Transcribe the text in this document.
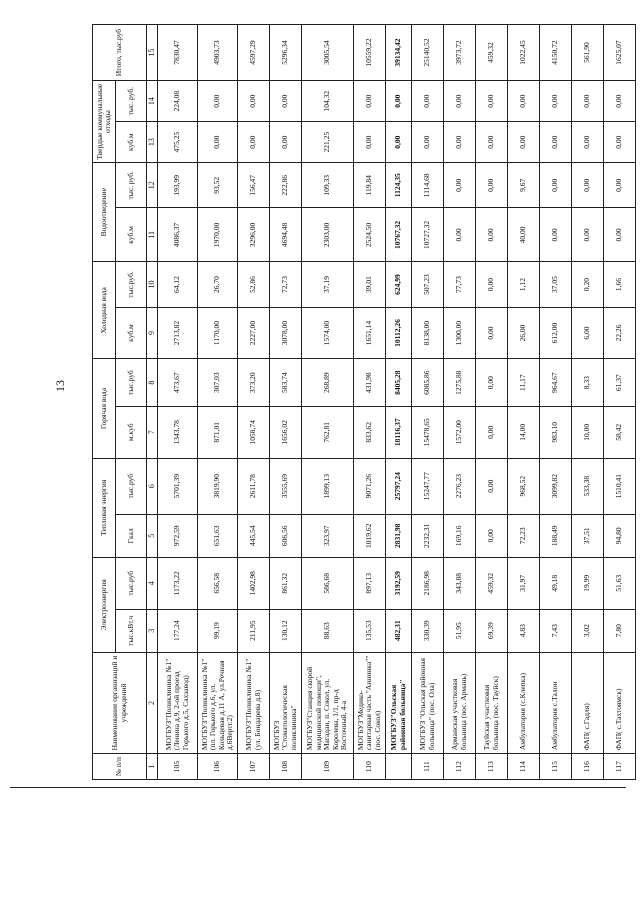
13
№ п/п	Наименование организаций и учреждений	Электроэнергия		Тепловая энергия		Горячая вода		Холодная вода		Водоотведение		Твердые коммунальные отходы		Итого, тыс.руб
		тыс.кВт.ч	тыс.руб	Гкал	тыс.руб	м.куб	тыс.руб	куб.м	тыс.руб.	куб.м	тыс. руб.	куб.м	тыс. руб.	
1	2	3	4	5	6	7	8	9	10	11	12	13	14	15
105	МОГБУЗ"Поликлиника №1" (Ленина д.9, 2-ой проезд Горького д.5, Сахзавод)	177,24	1173,22	972,59	5701,39	1343,78	473,67	2713,82	64,12	4086,37	193,99	475,25	224,08	7830,47
106	МОГБУЗ"Поликлиника №1" (пл. Горького д.6, ул. Кольцевая д.11 А, ул.Речная д.6Вертг.2)	99,19	656,58	651,63	3819,90	871,01	307,03	1170,00	26,70	1970,00	93,52	0,00	0,00	4903,73
107	МОГБУЗ"Поликлиника №1"(ул. Бондарева д.8)	211,95	1402,98	445,54	2611,78	1058,74	373,20	2227,00	52,86	3296,00	156,47	0,00	0,00	4597,29
108	МОГБУЗ "Стоматологическая поликлиника"	130,12	861,32	606,56	3555,69	1656,02	583,74	3078,00	72,73	4694,48	222,86	0,00	0,00	5296,34
109	МОГБУЗ"Станция скорой медицинской помощи", Магадан, п. Сокол, ул. Королева, 1/1, пр-д Восточный, 4-а	88,63	586,68	323,97	1899,13	762,81	268,89	1574,00	37,19	2303,00	109,33	221,25	104,32	3005,54
110	МОГБУЗ"Медико-санитарная часть "Аннинка"" (пос. Сокол)	135,53	897,13	1019,62	9071,26	833,62	431,98	1651,14	39,01	2524,50	119,84	0,00	0,00	10559,22
	МОГБУЗ"Ольская районная больница"	482,31	3192,59	2831,98	25797,24	18116,37	8405,28	10112,26	624,99	10767,32	1124,35	0,00	0,00	39134,42
111	МОГБУЗ "Ольская районная больница" (пос. Ола)	330,39	2186,98	2232,31	15247,77	15478,65	6085,86	8138,00	507,23	10727,32	1114,68	0,00	0,00	25140,52
112	Арманская участковая больница (пос. Армань)	51,95	343,88	169,16	2276,23	1572,00	1275,88	1300,00	77,73	0,00	0,00	0,00	0,00	3973,72
113	Тауйская участковая больница (пос. Тауйск)	69,39	459,32	0,00	0,00	0,00	0,00	0,00	0,00	0,00	0,00	0,00	0,00	459,32
114	Амбулатория (с.Клепка)	4,83	31,97	72,23	968,52	14,00	11,17	26,00	1,12	40,00	9,67	0,00	0,00	1022,45
115	Амбулатория с.Талон	7,43	49,18	188,49	3099,82	983,10	964,67	612,00	37,05	0,00	0,00	0,00	0,00	4150,72
116	ФАП( с.Гадля)	3,02	19,99	37,51	533,38	10,00	8,33	6,00	0,20	0,00	0,00	0,00	0,00	561,90
117	ФАП( с.Тахтоямск)	7,80	51,63	94,80	1510,41	58,42	61,37	22,26	1,66	0,00	0,00	0,00	0,00	1625,07
